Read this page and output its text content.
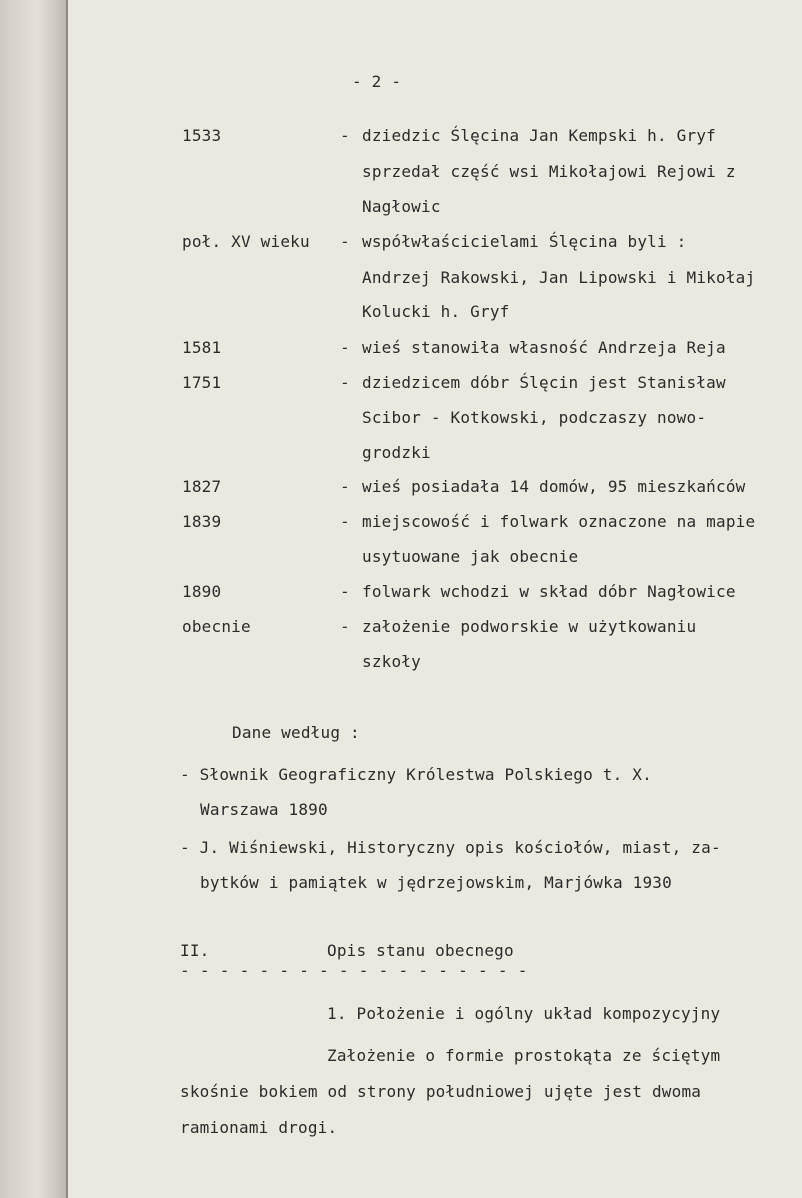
- 2 -
1533	- dziedzic Ślęcina Jan Kempski h. Gryf
sprzedał część wsi Mikołajowi Rejowi z
Nagłowic
poł. XV wieku - współwłaścicielami Ślęcina byli :
Andrzej Rakowski, Jan Lipowski i Mikołaj
Kolucki h. Gryf
1581	- wieś stanowiła własność Andrzeja Reja
1751	- dziedzicem dóbr Ślęcin jest Stanisław
Scibor - Kotkowski, podczaszy nowo-
grodzki
1827	- wieś posiadała 14 domów, 95 mieszkańców
1839	- miejscowość i folwark oznaczone na mapie
usytuowane jak obecnie
1890	- folwark wchodzi w skład dóbr Nagłowice
obecnie	- założenie podworskie w użytkowaniu
szkoły
Dane według :
- Słownik Geograficzny Królestwa Polskiego t. X.
Warszawa 1890
- J. Wiśniewski, Historyczny opis kościołów, miast, za-
bytków i pamiątek w jędrzejowskim, Marjówka 1930
II.	Opis stanu obecnego
- - - - - - - - - - - - - - - - - -
1. Położenie i ogólny układ kompozycyjny
Założenie o formie prostokąta ze ściętym
skośnie bokiem od strony południowej ujęte jest dwoma
ramionami drogi.
